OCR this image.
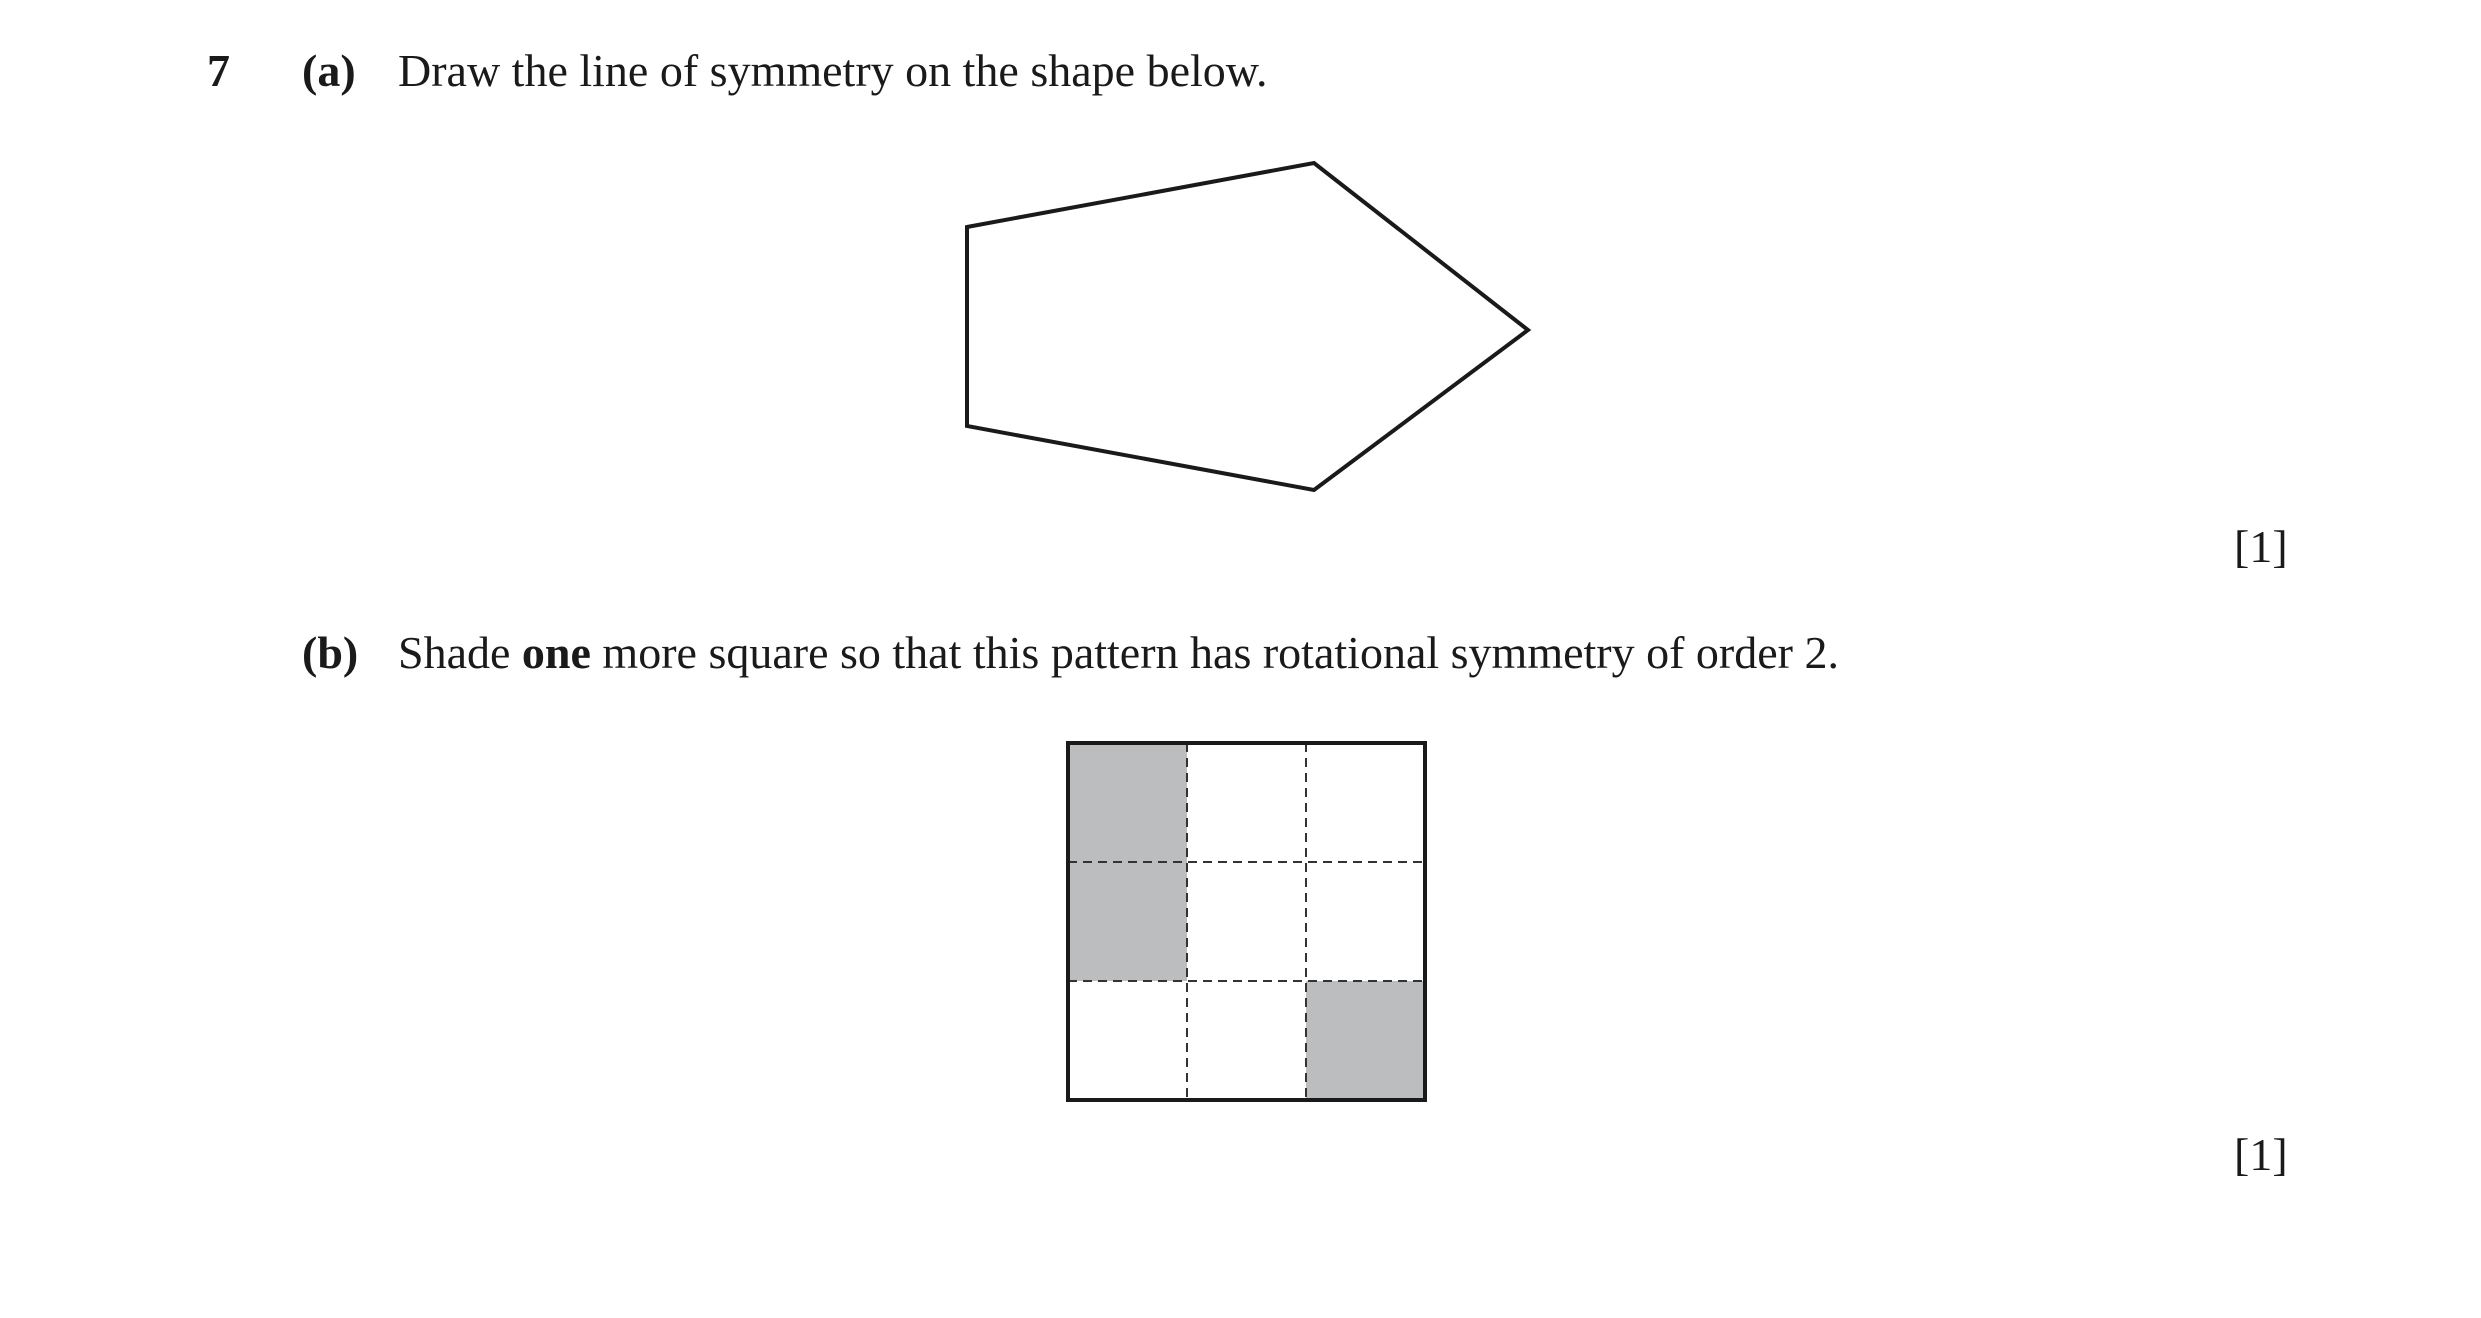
7 (a) Draw the line of symmetry on the shape below.
[1]
(b) Shade one more square so that this pattern has rotational symmetry of order 2.
[1]
